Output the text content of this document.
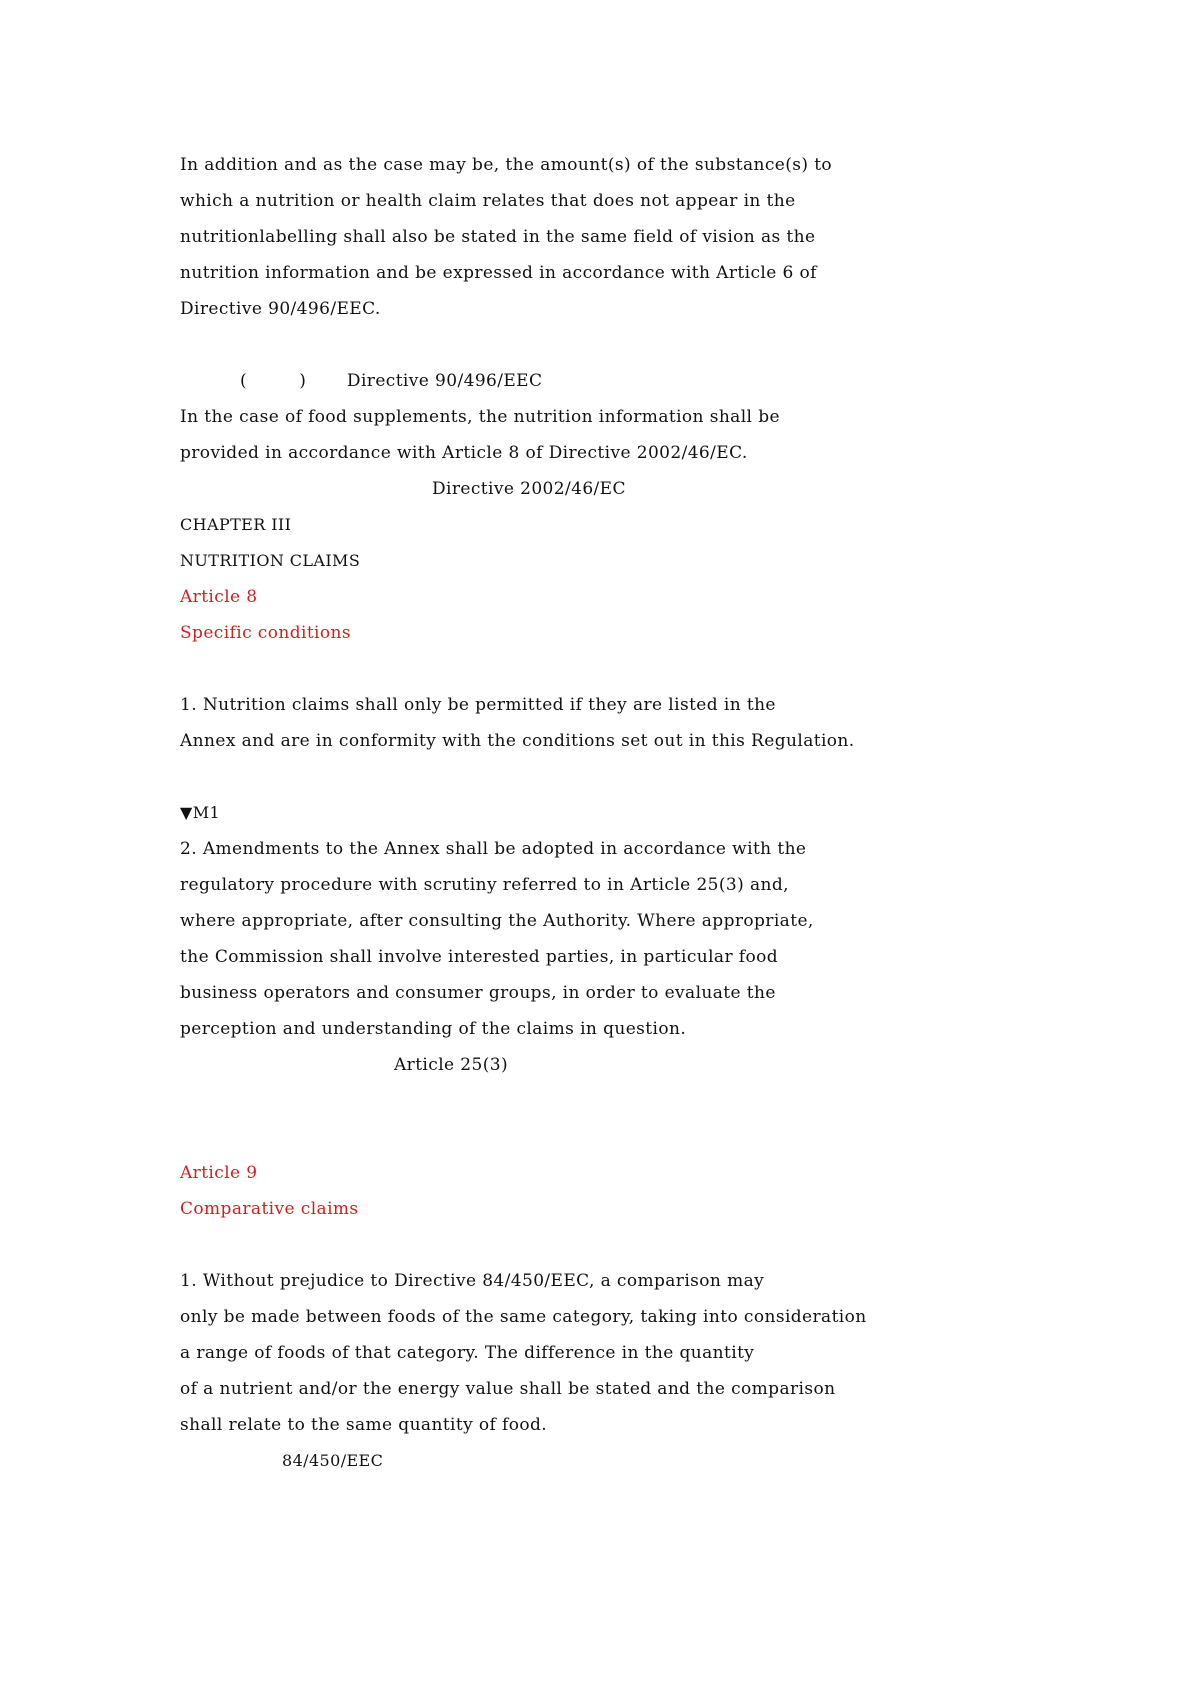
In addition and as the case may be, the amount(s) of the substance(s) to
which a nutrition or health claim relates that does not appear in the
nutritionlabelling shall also be stated in the same field of vision as the
nutrition information and be expressed in accordance with Article 6 of
Directive 90/496/EEC.
(         )       Directive 90/496/EEC
In the case of food supplements, the nutrition information shall be
provided in accordance with Article 8 of Directive 2002/46/EC.
Directive 2002/46/EC
CHAPTER III
NUTRITION CLAIMS
Article 8
Specific conditions
1. Nutrition claims shall only be permitted if they are listed in the
Annex and are in conformity with the conditions set out in this Regulation.
▼M1
2. Amendments to the Annex shall be adopted in accordance with the
regulatory procedure with scrutiny referred to in Article 25(3) and,
where appropriate, after consulting the Authority. Where appropriate,
the Commission shall involve interested parties, in particular food
business operators and consumer groups, in order to evaluate the
perception and understanding of the claims in question.
Article 25(3)
Article 9
Comparative claims
1. Without prejudice to Directive 84/450/EEC, a comparison may
only be made between foods of the same category, taking into consideration
a range of foods of that category. The difference in the quantity
of a nutrient and/or the energy value shall be stated and the comparison
shall relate to the same quantity of food.
84/450/EEC
